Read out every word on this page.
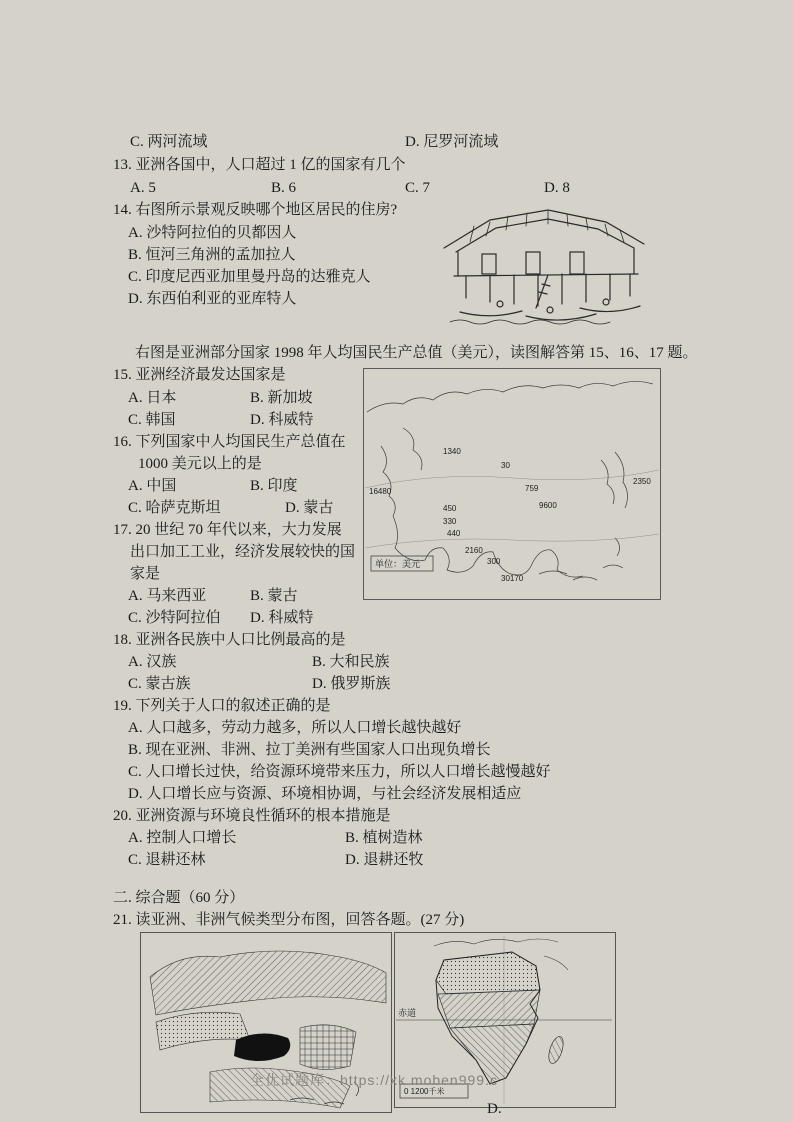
C. 两河流域	D. 尼罗河流域
13. 亚洲各国中，人口超过 1 亿的国家有几个
A. 5	B. 6	C. 7	D. 8
14. 右图所示景观反映哪个地区居民的住房?
A. 沙特阿拉伯的贝都因人
B. 恒河三角洲的孟加拉人
C. 印度尼西亚加里曼丹岛的达雅克人
D. 东西伯利亚的亚库特人
右图是亚洲部分国家 1998 年人均国民生产总值（美元），读图解答第 15、16、17 题。
15. 亚洲经济最发达国家是
A. 日本	B. 新加坡
C. 韩国	D. 科威特
16. 下列国家中人均国民生产总值在
1000 美元以上的是
A. 中国	B. 印度
C. 哈萨克斯坦	D. 蒙古
17. 20 世纪 70 年代以来，大力发展
出口加工工业，经济发展较快的国
家是
A. 马来西亚	B. 蒙古
C. 沙特阿拉伯 D. 科威特
1340
30
2350
759
16480
9600
450
330
440
2160
300
30170
单位：美元
18. 亚洲各民族中人口比例最高的是
A. 汉族	B. 大和民族
C. 蒙古族	D. 俄罗斯族
19. 下列关于人口的叙述正确的是
A. 人口越多，劳动力越多，所以人口增长越快越好
B. 现在亚洲、非洲、拉丁美洲有些国家人口出现负增长
C. 人口增长过快，给资源环境带来压力，所以人口增长越慢越好
D. 人口增长应与资源、环境相协调，与社会经济发展相适应
20. 亚洲资源与环境良性循环的根本措施是
A. 控制人口增长	B. 植树造林
C. 退耕还林	D. 退耕还牧
二. 综合题（60 分）
21. 读亚洲、非洲气候类型分布图，回答各题。(27 分)
赤道
0 1200千米
全优试题库：https://xk.moben999.c
D.
